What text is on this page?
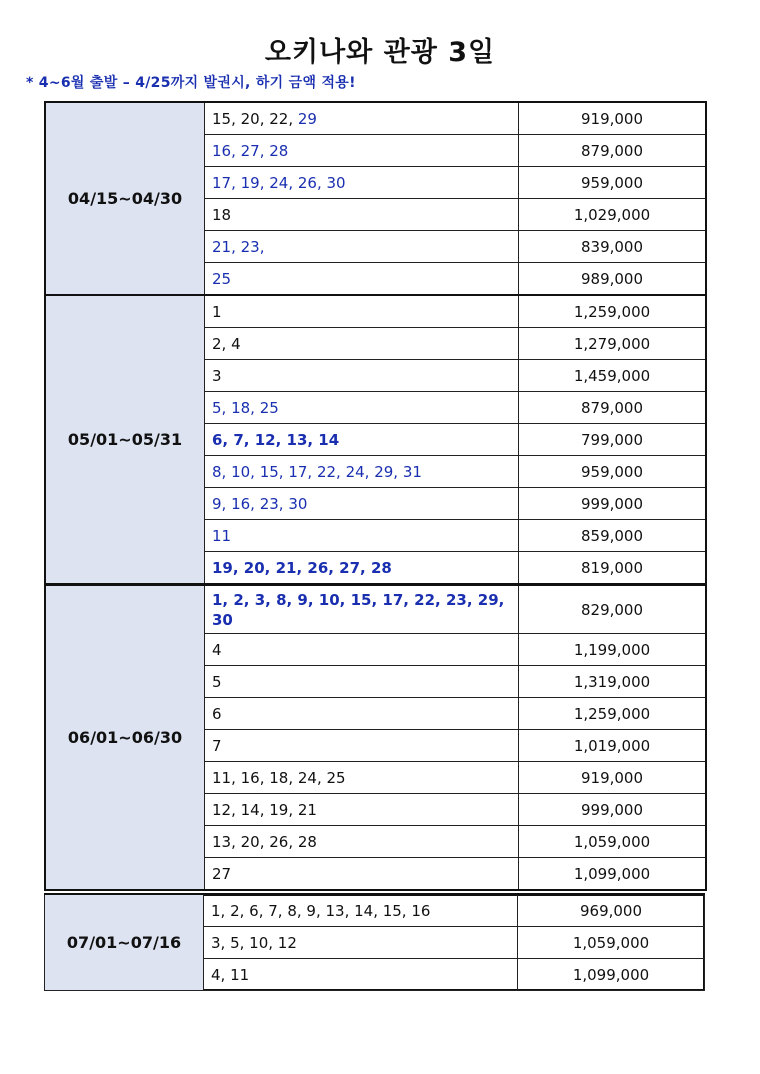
오키나와 관광 3일
* 4~6월 출발 – 4/25까지 발권시, 하기 금액 적용!
04/15~04/30	15, 20, 22, 29	919,000
	16, 27, 28	879,000
	17, 19, 24, 26, 30	959,000
	18	1,029,000
	21, 23,	839,000
	25	989,000
05/01~05/31	1	1,259,000
	2, 4	1,279,000
	3	1,459,000
	5, 18, 25	879,000
	6, 7, 12, 13, 14	799,000
	8, 10, 15, 17, 22, 24, 29, 31	959,000
	9, 16, 23, 30	999,000
	11	859,000
	19, 20, 21, 26, 27, 28	819,000
06/01~06/30	1, 2, 3, 8, 9, 10, 15, 17, 22, 23, 29, 30	829,000
	4	1,199,000
	5	1,319,000
	6	1,259,000
	7	1,019,000
	11, 16, 18, 24, 25	919,000
	12, 14, 19, 21	999,000
	13, 20, 26, 28	1,059,000
	27	1,099,000
07/01~07/16	1, 2, 6, 7, 8, 9, 13, 14, 15, 16	969,000
	3, 5, 10, 12	1,059,000
	4, 11	1,099,000
